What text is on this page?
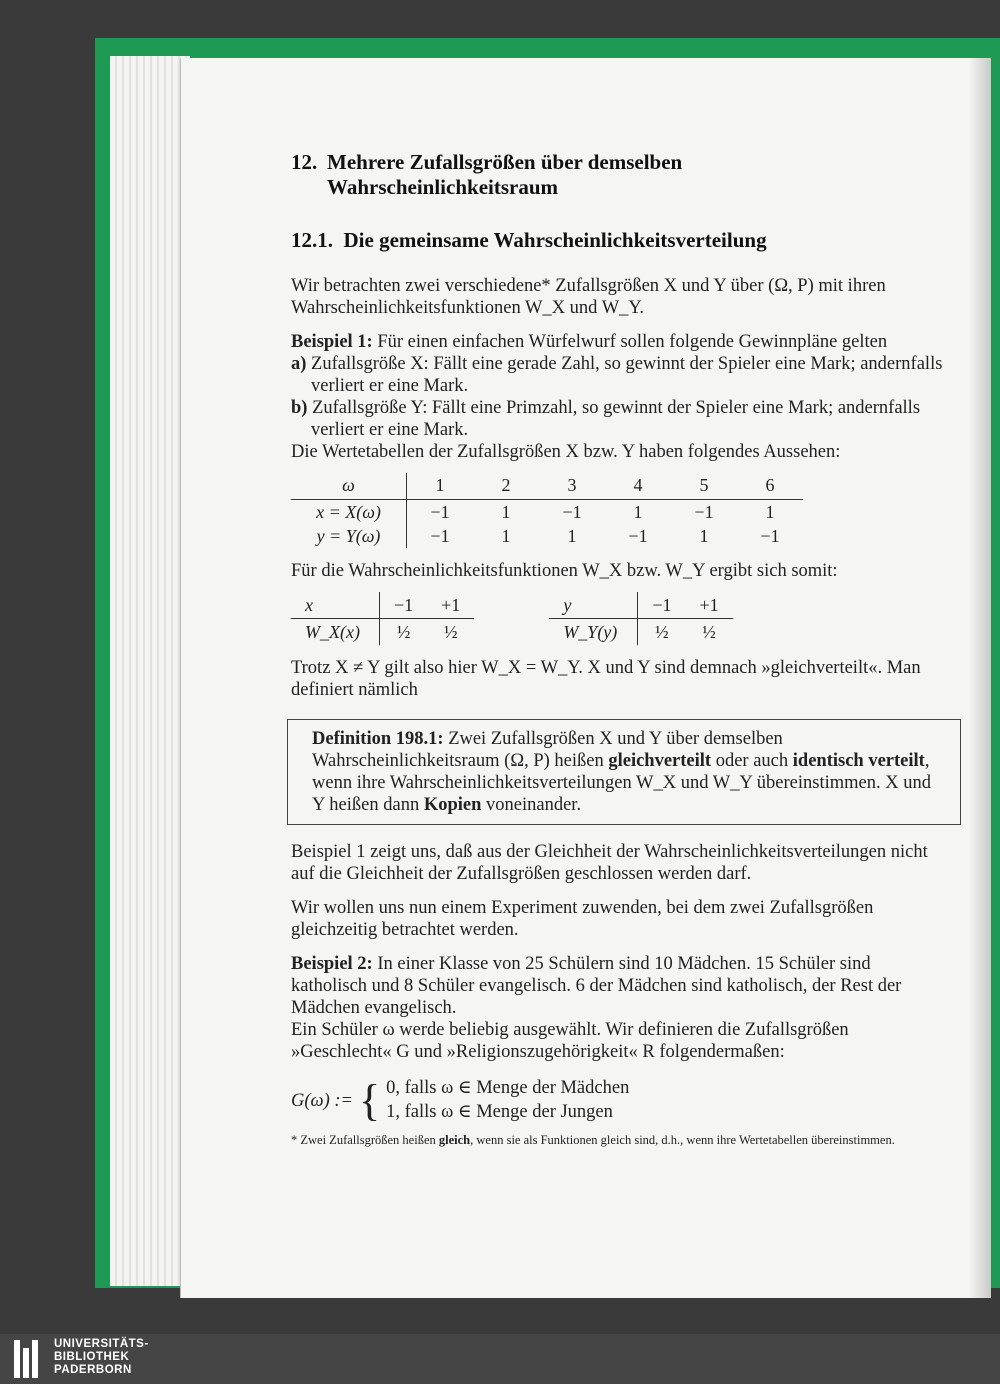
12. Mehrere Zufallsgrößen über demselben
Wahrscheinlichkeitsraum
12.1. Die gemeinsame Wahrscheinlichkeitsverteilung

Wir betrachten zwei verschiedene* Zufallsgrößen X und Y über (Ω, P) mit ihren Wahrscheinlichkeitsfunktionen W_X und W_Y.

Beispiel 1: Für einen einfachen Würfelwurf sollen folgende Gewinnpläne gelten

a) Zufallsgröße X: Fällt eine gerade Zahl, so gewinnt der Spieler eine Mark; andernfalls verliert er eine Mark.

b) Zufallsgröße Y: Fällt eine Primzahl, so gewinnt der Spieler eine Mark; andernfalls verliert er eine Mark.

Die Wertetabellen der Zufallsgrößen X bzw. Y haben folgendes Aussehen:

ω	1	2	3	4	5	6
x = X(ω)	−1	1	−1	1	−1	1
y = Y(ω)	−1	1	1	−1	1	−1

Für die Wahrscheinlichkeitsfunktionen W_X bzw. W_Y ergibt sich somit:

x	−1	+1
W_X(x)	½	½
y	−1	+1
W_Y(y)	½	½

Trotz X ≠ Y gilt also hier W_X = W_Y. X und Y sind demnach »gleichverteilt«. Man definiert nämlich

Definition 198.1: Zwei Zufallsgrößen X und Y über demselben Wahrscheinlichkeitsraum (Ω, P) heißen gleichverteilt oder auch identisch verteilt, wenn ihre Wahrscheinlichkeitsverteilungen W_X und W_Y übereinstimmen. X und Y heißen dann Kopien voneinander.

Beispiel 1 zeigt uns, daß aus der Gleichheit der Wahrscheinlichkeitsverteilungen nicht auf die Gleichheit der Zufallsgrößen geschlossen werden darf.

Wir wollen uns nun einem Experiment zuwenden, bei dem zwei Zufallsgrößen gleichzeitig betrachtet werden.

Beispiel 2: In einer Klasse von 25 Schülern sind 10 Mädchen. 15 Schüler sind katholisch und 8 Schüler evangelisch. 6 der Mädchen sind katholisch, der Rest der Mädchen evangelisch.

Ein Schüler ω werde beliebig ausgewählt. Wir definieren die Zufallsgrößen »Geschlecht« G und »Religionszugehörigkeit« R folgendermaßen:

G(ω) := { 0, falls ω ∈ Menge der Mädchen
1, falls ω ∈ Menge der Jungen

* Zwei Zufallsgrößen heißen gleich, wenn sie als Funktionen gleich sind, d.h., wenn ihre Wertetabellen übereinstimmen.

UNIVERSITÄTS-
BIBLIOTHEK
PADERBORN
